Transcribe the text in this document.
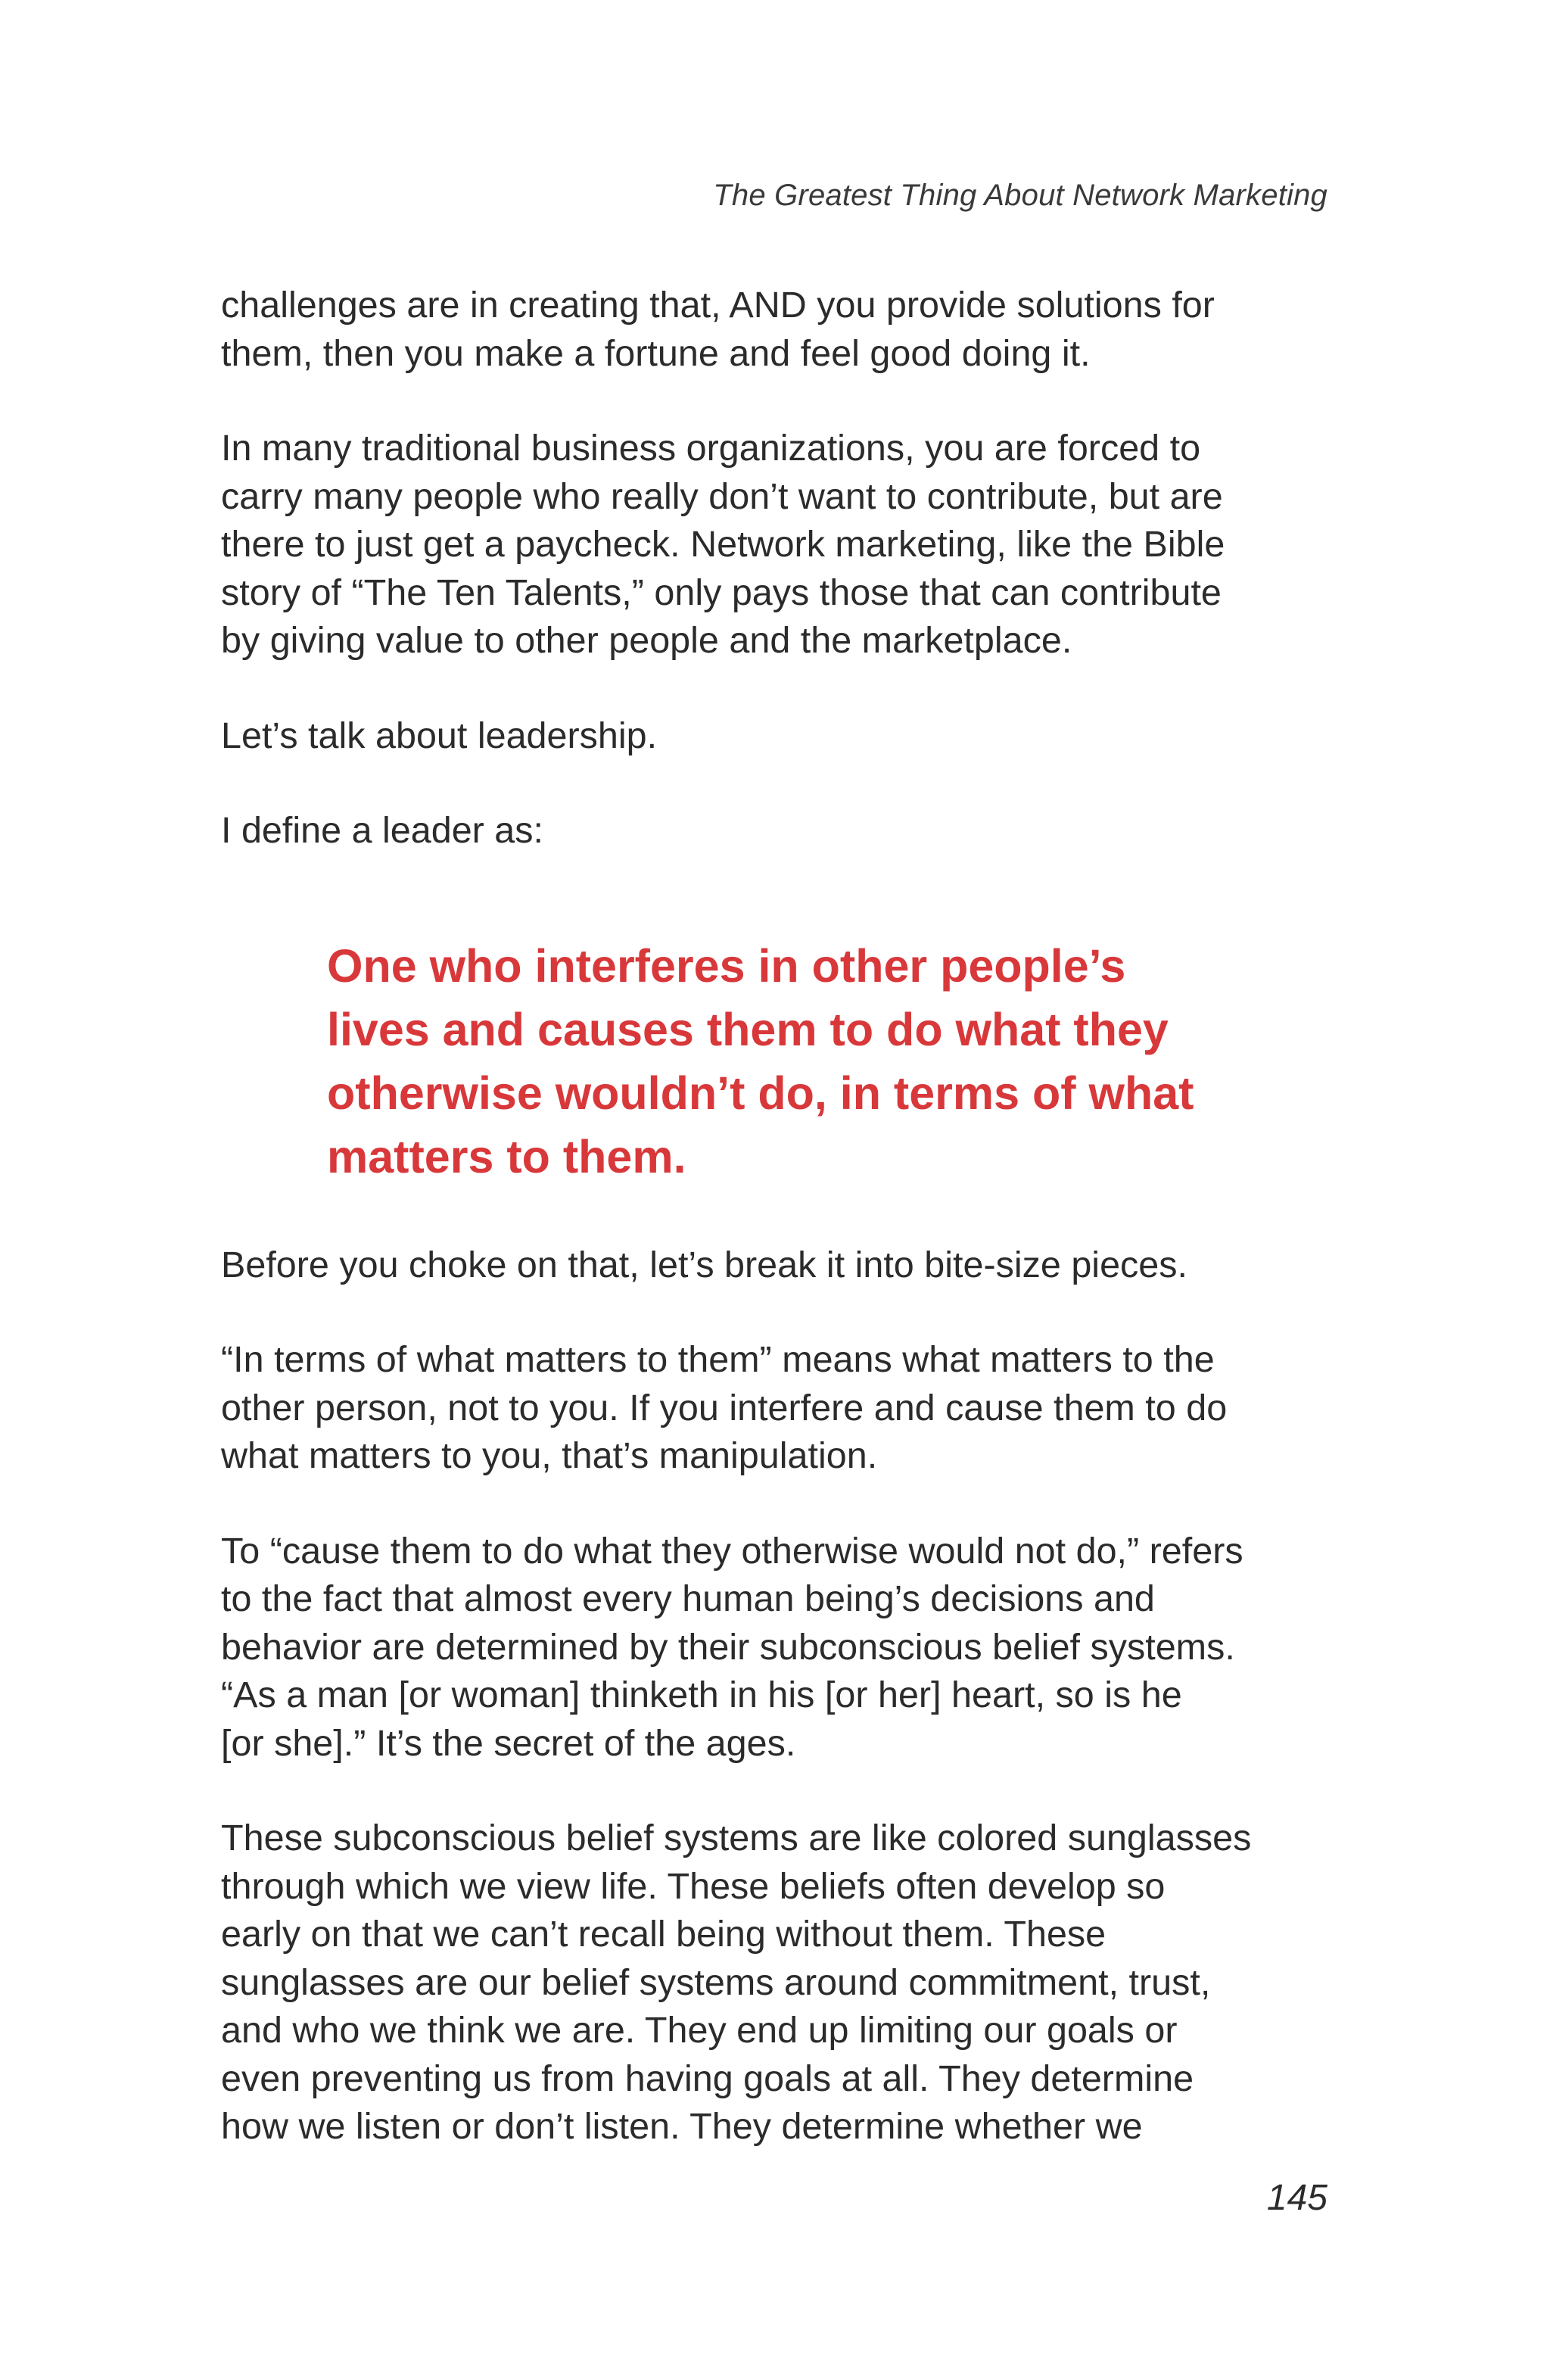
The Greatest Thing About Network Marketing

challenges are in creating that, AND you provide solutions for
them, then you make a fortune and feel good doing it.

In many traditional business organizations, you are forced to
carry many people who really don’t want to contribute, but are
there to just get a paycheck. Network marketing, like the Bible
story of “The Ten Talents,” only pays those that can contribute
by giving value to other people and the marketplace.

Let’s talk about leadership.

I define a leader as:

One who interferes in other people’s
lives and causes them to do what they
otherwise wouldn’t do, in terms of what
matters to them.

Before you choke on that, let’s break it into bite-size pieces.

“In terms of what matters to them” means what matters to the
other person, not to you. If you interfere and cause them to do
what matters to you, that’s manipulation.

To “cause them to do what they otherwise would not do,” refers
to the fact that almost every human being’s decisions and
behavior are determined by their subconscious belief systems.
“As a man [or woman] thinketh in his [or her] heart, so is he
[or she].” It’s the secret of the ages.

These subconscious belief systems are like colored sunglasses
through which we view life. These beliefs often develop so
early on that we can’t recall being without them. These
sunglasses are our belief systems around commitment, trust,
and who we think we are. They end up limiting our goals or
even preventing us from having goals at all. They determine
how we listen or don’t listen. They determine whether we

145
